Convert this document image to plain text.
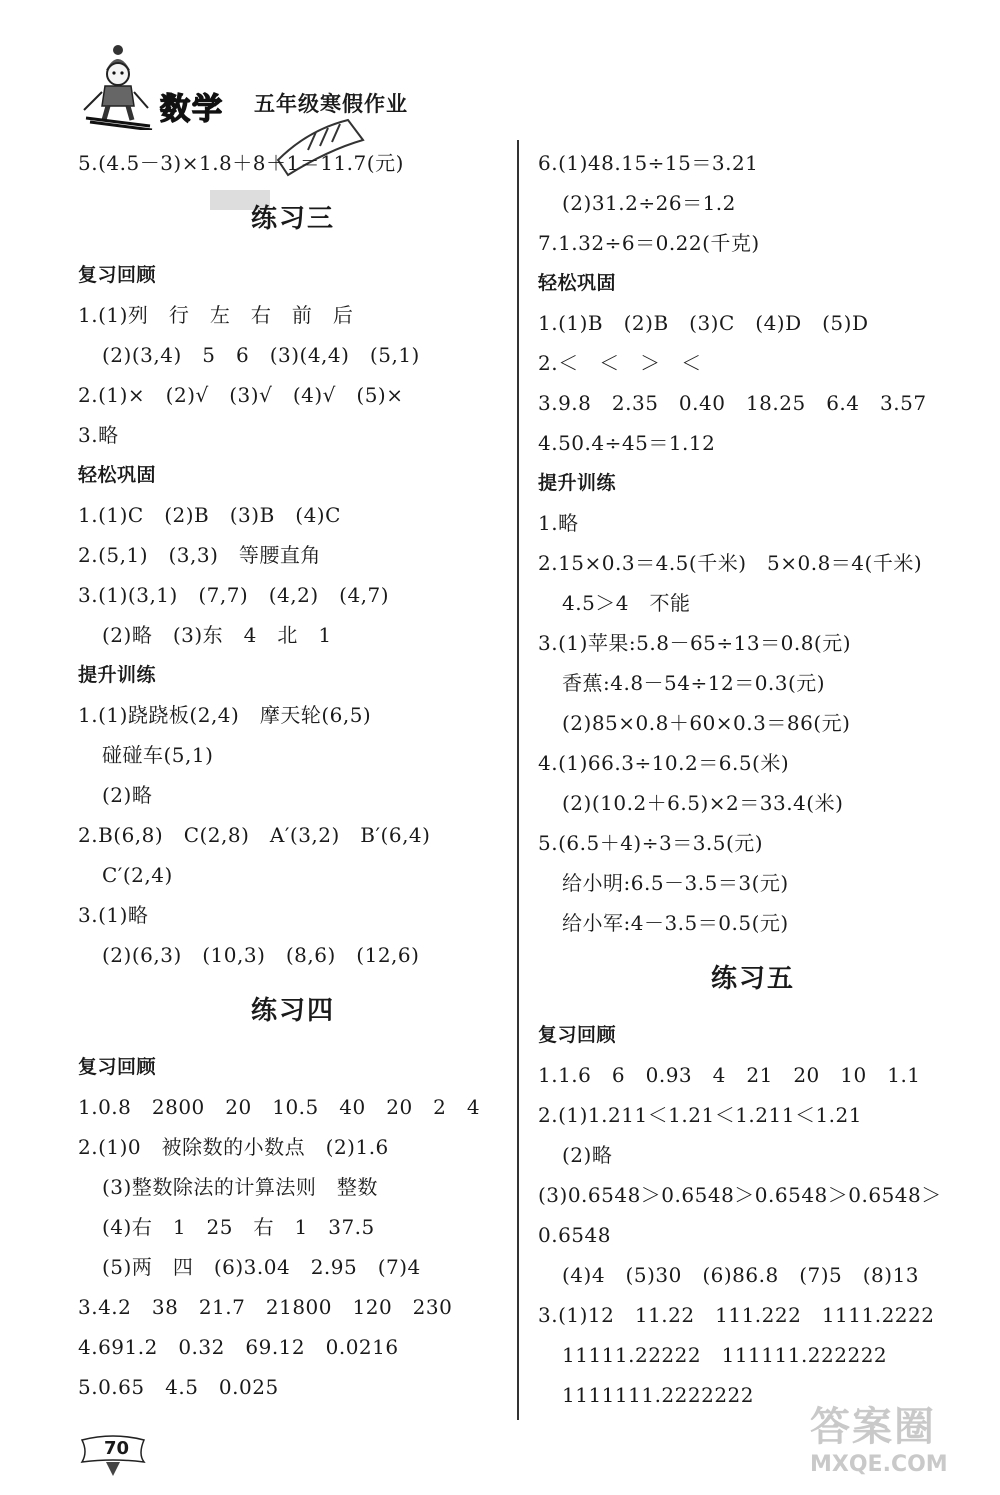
数学 五年级寒假作业
5.(4.5－3)×1.8＋8＋1＝11.7(元)
练习三
复习回顾
1.(1)列　行　左　右　前　后
(2)(3,4)　5　6　(3)(4,4)　(5,1)
2.(1)×　(2)√　(3)√　(4)√　(5)×
3.略
轻松巩固
1.(1)C　(2)B　(3)B　(4)C
2.(5,1)　(3,3)　等腰直角
3.(1)(3,1)　(7,7)　(4,2)　(4,7)
(2)略　(3)东　4　北　1
提升训练
1.(1)跷跷板(2,4)　摩天轮(6,5)
碰碰车(5,1)
(2)略
2.B(6,8)　C(2,8)　A′(3,2)　B′(6,4)
C′(2,4)
3.(1)略
(2)(6,3)　(10,3)　(8,6)　(12,6)
练习四
复习回顾
1.0.8　2800　20　10.5　40　20　2　4
2.(1)0　被除数的小数点　(2)1.6
(3)整数除法的计算法则　整数
(4)右　1　25　右　1　37.5
(5)两　四　(6)3.04　2.95　(7)4
3.4.2　38　21.7　21800　120　230
4.691.2　0.32　69.12　0.0216
5.0.65　4.5　0.025
6.(1)48.15÷15＝3.21
(2)31.2÷26＝1.2
7.1.32÷6＝0.22(千克)
轻松巩固
1.(1)B　(2)B　(3)C　(4)D　(5)D
2.＜　＜　＞　＜
3.9.8　2.35　0.40　18.25　6.4　3.57
4.50.4÷45＝1.12
提升训练
1.略
2.15×0.3＝4.5(千米)　5×0.8＝4(千米)
4.5＞4　不能
3.(1)苹果:5.8－65÷13＝0.8(元)
香蕉:4.8－54÷12＝0.3(元)
(2)85×0.8＋60×0.3＝86(元)
4.(1)66.3÷10.2＝6.5(米)
(2)(10.2＋6.5)×2＝33.4(米)
5.(6.5＋4)÷3＝3.5(元)
给小明:6.5－3.5＝3(元)
给小军:4－3.5＝0.5(元)
练习五
复习回顾
1.1.6　6　0.93　4　21　20　10　1.1
2.(1)1.211＜1.21＜1.211＜1.21
(2)略
(3)0.6548＞0.6548＞0.6548＞0.6548＞
0.6548
(4)4　(5)30　(6)86.8　(7)5　(8)13
3.(1)12　11.22　111.222　1111.2222
11111.22222　111111.222222
1111111.2222222
70	答案圈
MXQE.COM
